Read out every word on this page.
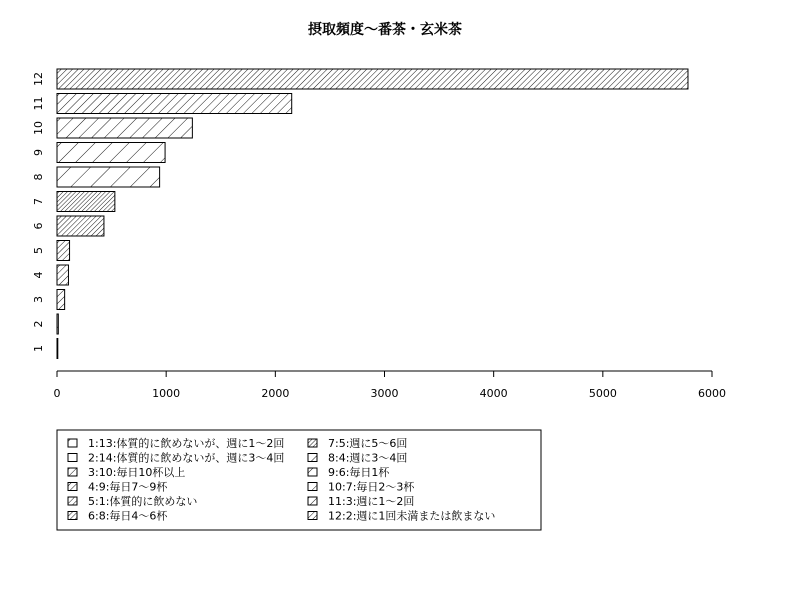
摂取頻度〜番茶・玄米茶
1
2
3
4
5
6
7
8
9
10
11
12
0	1000	2000	3000	4000	5000	6000
1:13:体質的に飲めないが、週に1〜2回
2:14:体質的に飲めないが、週に3〜4回
3:10:毎日10杯以上
4:9:毎日7〜9杯
5:1:体質的に飲めない
6:8:毎日4〜6杯
7:5:週に5〜6回
8:4:週に3〜4回
9:6:毎日1杯
10:7:毎日2〜3杯
11:3:週に1〜2回
12:2:週に1回未満または飲まない
